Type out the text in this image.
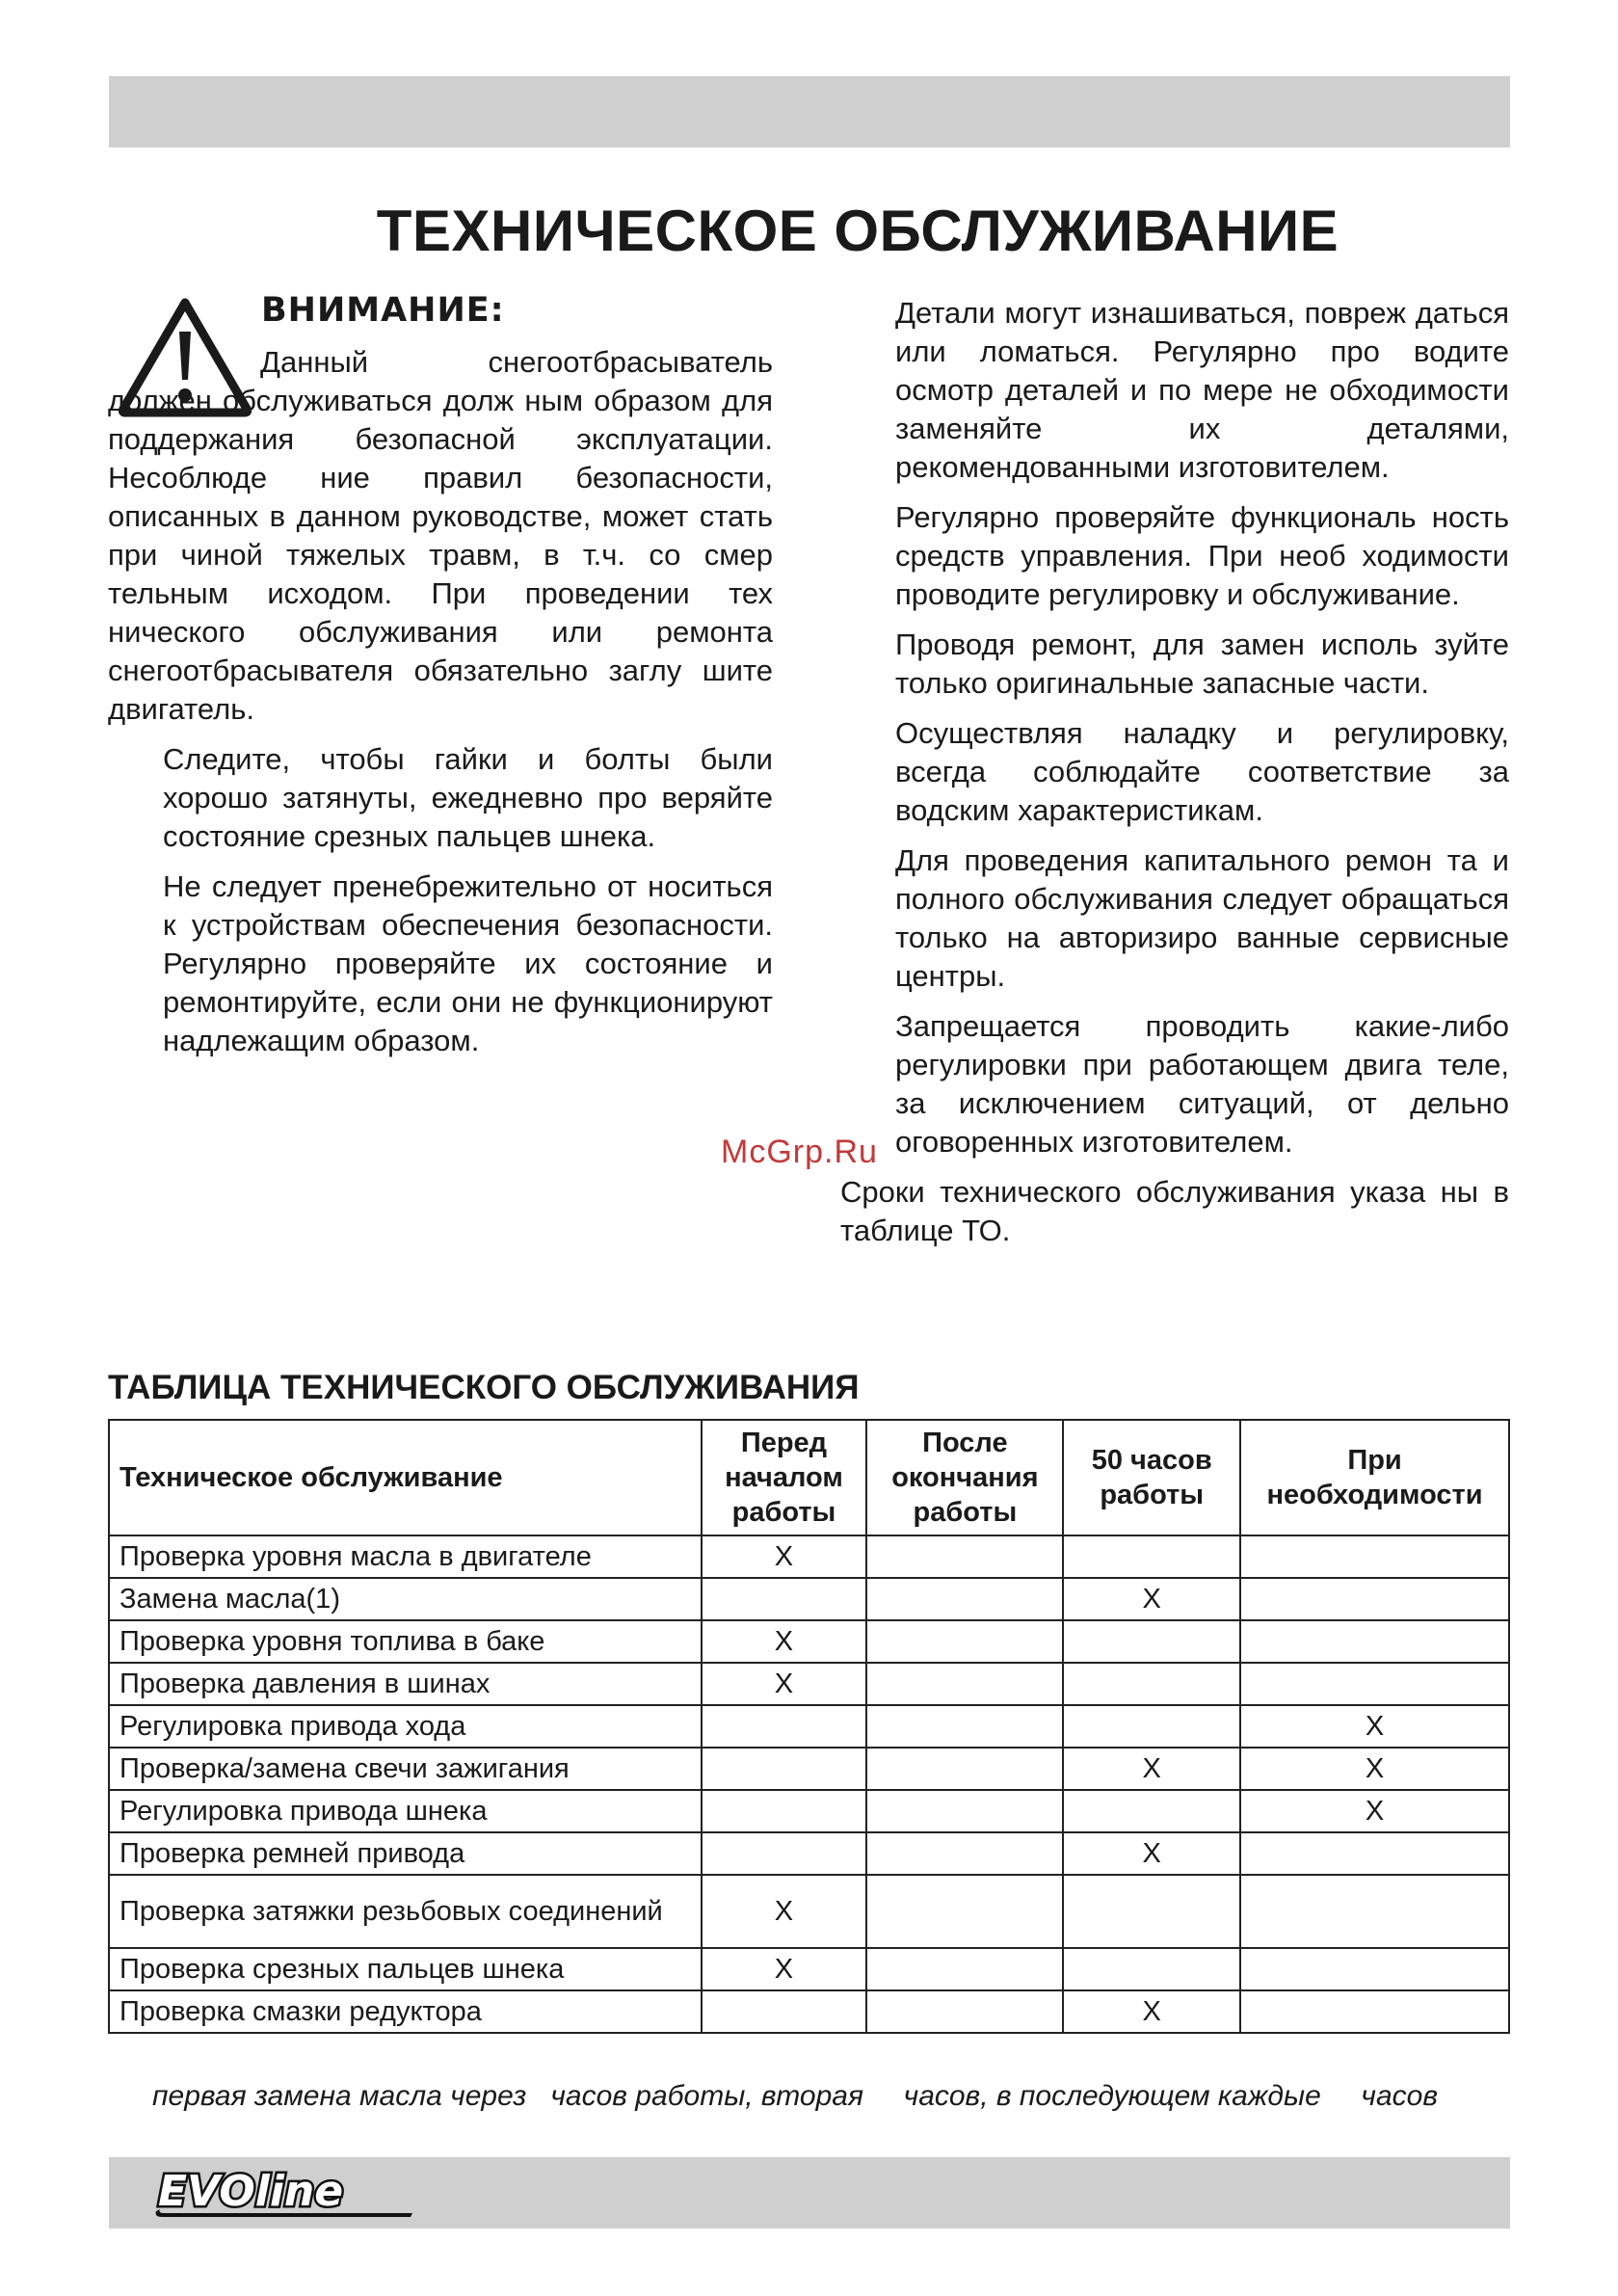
ТЕХНИЧЕСКОЕ ОБСЛУЖИВАНИЕ
ВНИМАНИЕ:

Данный снегоотбрасыватель должен обслуживаться долж ным образом для поддержания безопасной эксплуатации. Несоблюде ние правил безопасности, описанных в данном руководстве, может стать при чиной тяжелых травм, в т.ч. со смер тельным исходом. При проведении тех нического обслуживания или ремонта снегоотбрасывателя обязательно заглу шите двигатель.

Следите, чтобы гайки и болты были хорошо затянуты, ежедневно про веряйте состояние срезных пальцев шнека.

Не следует пренебрежительно от носиться к устройствам обеспечения безопасности. Регулярно проверяйте их состояние и ремонтируйте, если они не функционируют надлежащим образом.

Детали могут изнашиваться, повреж даться или ломаться. Регулярно про водите осмотр деталей и по мере не обходимости заменяйте их деталями, рекомендованными изготовителем.

Регулярно проверяйте функциональ ность средств управления. При необ ходимости проводите регулировку и обслуживание.

Проводя ремонт, для замен исполь зуйте только оригинальные запасные части.

Осуществляя наладку и регулировку, всегда соблюдайте соответствие за водским характеристикам.

Для проведения капитального ремон та и полного обслуживания следует обращаться только на авторизиро ванные сервисные центры.

Запрещается проводить какие-либо регулировки при работающем двига теле, за исключением ситуаций, от дельно оговоренных изготовителем.

Сроки технического обслуживания указа ны в таблице ТО.

McGrp.Ru
ТАБЛИЦА ТЕХНИЧЕСКОГО ОБСЛУЖИВАНИЯ
Техническое обслуживание	Перед началом работы	После окончания работы	50 часов работы	При необходимости
Проверка уровня масла в двигателе	X			
Замена масла(1)			X	
Проверка уровня топлива в баке	X			
Проверка давления в шинах	X			
Регулировка привода хода				X
Проверка/замена свечи зажигания			X	X
Регулировка привода шнека				X
Проверка ремней привода			X	
Проверка затяжки резьбовых соединений	X			
Проверка срезных пальцев шнека	X			
Проверка смазки редуктора			X	
первая замена масла через   часов работы, вторая     часов, в последующем каждые     часов
EVOline
